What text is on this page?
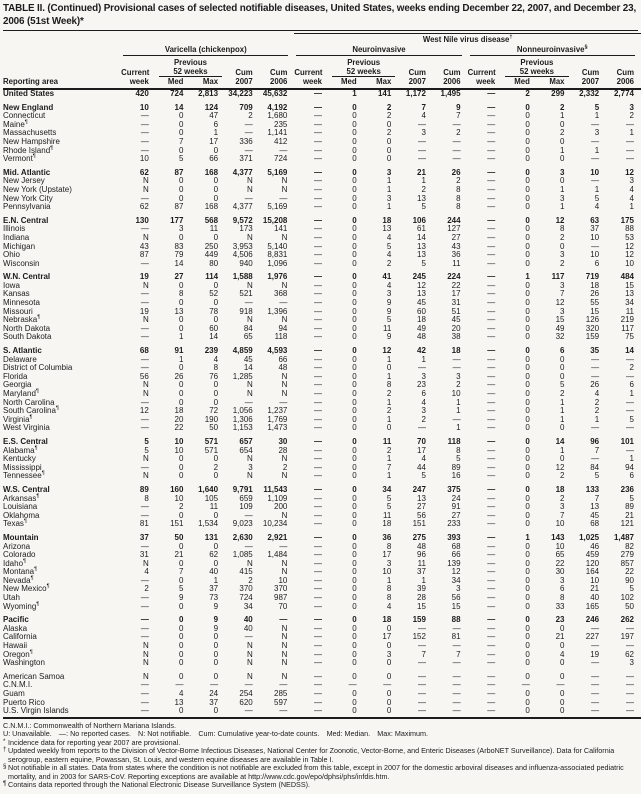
TABLE II. (Continued) Provisional cases of selected notifiable diseases, United States, weeks ending December 22, 2007, and December 23, 2006 (51st Week)*
						West Nile virus disease†

	Varicella (chickenpox)					Neuroinvasive					Nonneuroinvasive§

		Previous					Previous					Previous			
	Current	52 weeks		Cum	Cum	Current	52 weeks		Cum	Cum	Current	52 weeks		Cum	Cum
Reporting area	week	Med	Max	2007	2006	week	Med	Max	2007	2006	week	Med	Max	2007	2006
United States	420	724	2,813	34,223	45,632	—	1	141	1,172	1,495	—	2	299	2,332	2,774
New England	10	14	124	709	4,192	—	0	2	7	9	—	0	2	5	3
Connecticut	—	0	47	2	1,680	—	0	2	4	7	—	0	1	1	2
Maine¶	—	0	6	—	235	—	0	0	—	—	—	0	0	—	—
Massachusetts	—	0	1	—	1,141	—	0	2	3	2	—	0	2	3	1
New Hampshire	—	7	17	336	412	—	0	0	—	—	—	0	0	—	—
Rhode Island¶	—	0	0	—	—	—	0	0	—	—	—	0	1	1	—
Vermont¶	10	5	66	371	724	—	0	0	—	—	—	0	0	—	—
Mid. Atlantic	62	87	168	4,377	5,169	—	0	3	21	26	—	0	3	10	12
New Jersey	N	0	0	N	N	—	0	1	1	2	—	0	0	—	3
New York (Upstate)	N	0	0	N	N	—	0	1	2	8	—	0	1	1	4
New York City	—	0	0	—	—	—	0	3	13	8	—	0	3	5	4
Pennsylvania	62	87	168	4,377	5,169	—	0	1	5	8	—	0	1	4	1
E.N. Central	130	177	568	9,572	15,208	—	0	18	106	244	—	0	12	63	175
Illinois	—	3	11	173	141	—	0	13	61	127	—	0	8	37	88
Indiana	N	0	0	N	N	—	0	4	14	27	—	0	2	10	53
Michigan	43	83	250	3,953	5,140	—	0	5	13	43	—	0	0	—	12
Ohio	87	79	449	4,506	8,831	—	0	4	13	36	—	0	3	10	12
Wisconsin	—	14	80	940	1,096	—	0	2	5	11	—	0	2	6	10
W.N. Central	19	27	114	1,588	1,976	—	0	41	245	224	—	1	117	719	484
Iowa	N	0	0	N	N	—	0	4	12	22	—	0	3	18	15
Kansas	—	8	52	521	368	—	0	3	13	17	—	0	7	26	13
Minnesota	—	0	0	—	—	—	0	9	45	31	—	0	12	55	34
Missouri	19	13	78	918	1,396	—	0	9	60	51	—	0	3	15	11
Nebraska¶	N	0	0	N	N	—	0	5	18	45	—	0	15	126	219
North Dakota	—	0	60	84	94	—	0	11	49	20	—	0	49	320	117
South Dakota	—	1	14	65	118	—	0	9	48	38	—	0	32	159	75
S. Atlantic	68	91	239	4,859	4,593	—	0	12	42	18	—	0	6	35	14
Delaware	—	1	4	45	66	—	0	1	1	—	—	0	0	—	—
District of Columbia	—	0	8	14	48	—	0	0	—	—	—	0	0	—	2
Florida	56	26	76	1,285	N	—	0	1	3	3	—	0	0	—	—
Georgia	N	0	0	N	N	—	0	8	23	2	—	0	5	26	6
Maryland¶	N	0	0	N	N	—	0	2	6	10	—	0	2	4	1
North Carolina	—	0	0	—	—	—	0	1	4	1	—	0	1	2	—
South Carolina¶	12	18	72	1,056	1,237	—	0	2	3	1	—	0	1	2	—
Virginia¶	—	20	190	1,306	1,769	—	0	1	2	—	—	0	1	1	5
West Virginia	—	22	50	1,153	1,473	—	0	0	—	1	—	0	0	—	—
E.S. Central	5	10	571	657	30	—	0	11	70	118	—	0	14	96	101
Alabama¶	5	10	571	654	28	—	0	2	17	8	—	0	1	7	—
Kentucky	N	0	0	N	N	—	0	1	4	5	—	0	0	—	1
Mississippi	—	0	2	3	2	—	0	7	44	89	—	0	12	84	94
Tennessee¶	N	0	0	N	N	—	0	1	5	16	—	0	2	5	6
W.S. Central	89	160	1,640	9,791	11,543	—	0	34	247	375	—	0	18	133	236
Arkansas¶	8	10	105	659	1,109	—	0	5	13	24	—	0	2	7	5
Louisiana	—	2	11	109	200	—	0	5	27	91	—	0	3	13	89
Oklahoma	—	0	0	—	N	—	0	11	56	27	—	0	7	45	21
Texas¶	81	151	1,534	9,023	10,234	—	0	18	151	233	—	0	10	68	121
Mountain	37	50	131	2,630	2,921	—	0	36	275	393	—	1	143	1,025	1,487
Arizona	—	0	0	—	—	—	0	8	48	68	—	0	10	46	82
Colorado	31	21	62	1,085	1,484	—	0	17	96	66	—	0	65	459	279
Idaho¶	N	0	0	N	N	—	0	3	11	139	—	0	22	120	857
Montana¶	4	7	40	415	N	—	0	10	37	12	—	0	30	164	22
Nevada¶	—	0	1	2	10	—	0	1	1	34	—	0	3	10	90
New Mexico¶	2	5	37	370	370	—	0	8	39	3	—	0	6	21	5
Utah	—	9	73	724	987	—	0	8	28	56	—	0	8	40	102
Wyoming¶	—	0	9	34	70	—	0	4	15	15	—	0	33	165	50
Pacific	—	0	9	40	—	—	0	18	159	88	—	0	23	246	262
Alaska	—	0	9	40	N	—	0	0	—	—	—	0	0	—	—
California	—	0	0	—	N	—	0	17	152	81	—	0	21	227	197
Hawaii	N	0	0	N	N	—	0	0	—	—	—	0	0	—	—
Oregon¶	N	0	0	N	N	—	0	3	7	7	—	0	4	19	62
Washington	N	0	0	N	N	—	0	0	—	—	—	0	0	—	3
American Samoa	N	0	0	N	N	—	0	0	—	—	—	0	0	—	—
C.N.M.I.	—	—	—	—	—	—	—	—	—	—	—	—	—	—	—
Guam	—	4	24	254	285	—	0	0	—	—	—	0	0	—	—
Puerto Rico	—	13	37	620	597	—	0	0	—	—	—	0	0	—	—
U.S. Virgin Islands	—	0	0	—	—	—	0	0	—	—	—	0	0	—	—
C.N.M.I.: Commonwealth of Northern Mariana Islands.
U: Unavailable. —: No reported cases. N: Not notifiable. Cum: Cumulative year-to-date counts. Med: Median. Max: Maximum.
* Incidence data for reporting year 2007 are provisional.
† Updated weekly from reports to the Division of Vector-Borne Infectious Diseases, National Center for Zoonotic, Vector-Borne, and Enteric Diseases (ArboNET Surveillance). Data for California serogroup, eastern equine, Powassan, St. Louis, and western equine diseases are available in Table I.
§ Not notifiable in all states. Data from states where the condition is not notifiable are excluded from this table, except in 2007 for the domestic arboviral diseases and influenza-associated pediatric mortality, and in 2003 for SARS-CoV. Reporting exceptions are available at http://www.cdc.gov/epo/dphsi/phs/infdis.htm.
¶ Contains data reported through the National Electronic Disease Surveillance System (NEDSS).
